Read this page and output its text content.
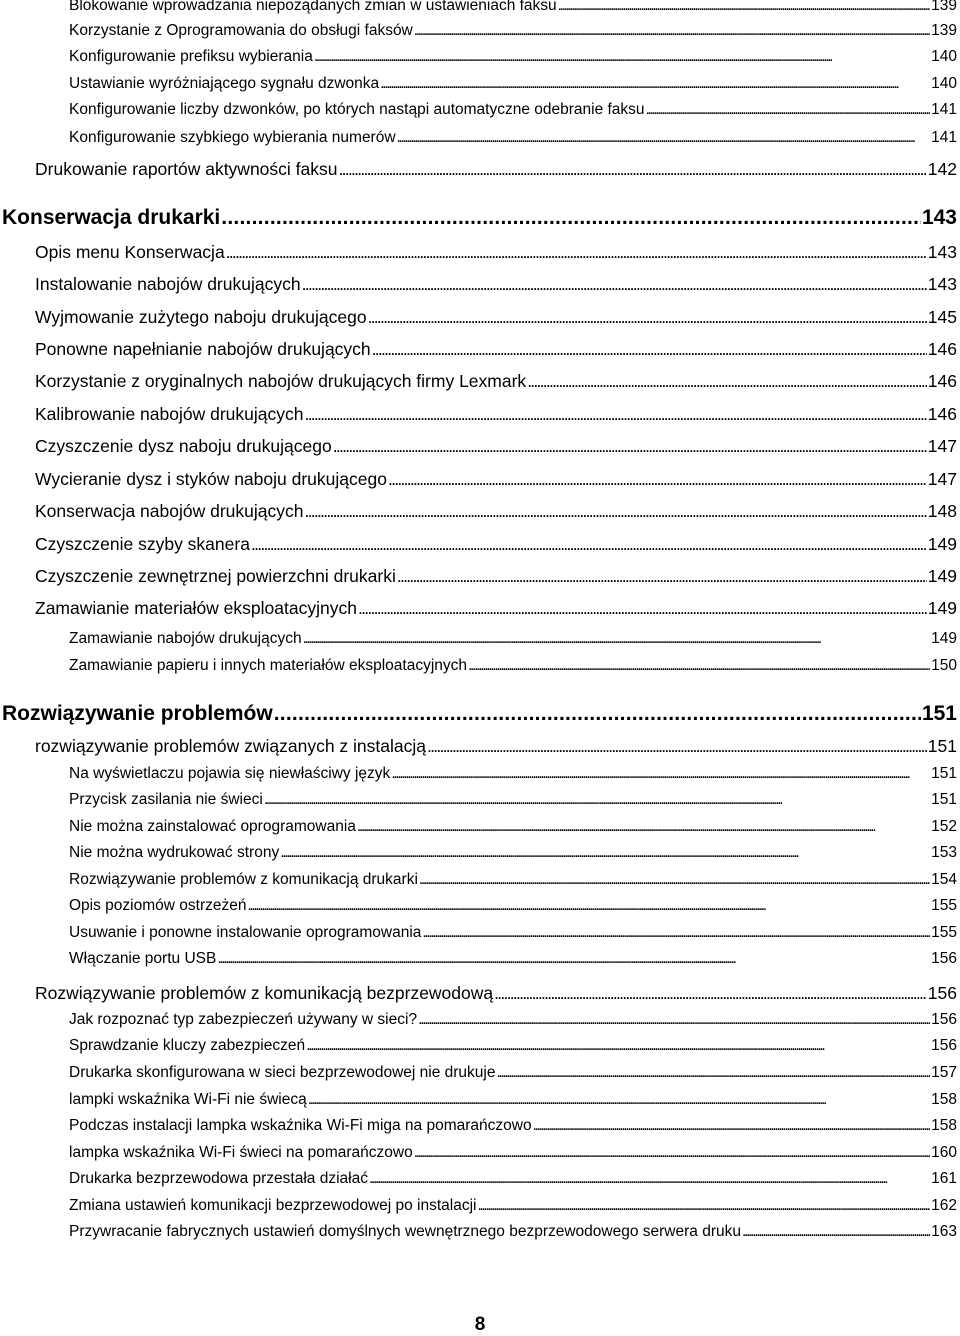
Blokowanie wprowadzania niepożądanych zmian w ustawieniach faksu . . .	139
Korzystanie z Oprogramowania do obsługi faksów . . .	139
Konfigurowanie prefiksu wybierania . . .	140
Ustawianie wyróżniającego sygnału dzwonka . . .	140
Konfigurowanie liczby dzwonków, po których nastąpi automatyczne odebranie faksu . . .	141
Konfigurowanie szybkiego wybierania numerów . . .	141
Drukowanie raportów aktywności faksu . . .	142
Konserwacja drukarki . . .	143
Opis menu Konserwacja . . .	143
Instalowanie nabojów drukujących . . .	143
Wyjmowanie zużytego naboju drukującego . . .	145
Ponowne napełnianie nabojów drukujących . . .	146
Korzystanie z oryginalnych nabojów drukujących firmy Lexmark . . .	146
Kalibrowanie nabojów drukujących . . .	146
Czyszczenie dysz naboju drukującego . . .	147
Wycieranie dysz i styków naboju drukującego . . .	147
Konserwacja nabojów drukujących . . .	148
Czyszczenie szyby skanera . . .	149
Czyszczenie zewnętrznej powierzchni drukarki . . .	149
Zamawianie materiałów eksploatacyjnych . . .	149
Zamawianie nabojów drukujących . . .	149
Zamawianie papieru i innych materiałów eksploatacyjnych . . .	150
Rozwiązywanie problemów . . .	151
rozwiązywanie problemów związanych z instalacją . . .	151
Na wyświetlaczu pojawia się niewłaściwy język . . .	151
Przycisk zasilania nie świeci . . .	151
Nie można zainstalować oprogramowania . . .	152
Nie można wydrukować strony . . .	153
Rozwiązywanie problemów z komunikacją drukarki . . .	154
Opis poziomów ostrzeżeń . . .	155
Usuwanie i ponowne instalowanie oprogramowania . . .	155
Włączanie portu USB . . .	156
Rozwiązywanie problemów z komunikacją bezprzewodową . . .	156
Jak rozpoznać typ zabezpieczeń używany w sieci? . . .	156
Sprawdzanie kluczy zabezpieczeń . . .	156
Drukarka skonfigurowana w sieci bezprzewodowej nie drukuje . . .	157
lampki wskaźnika Wi-Fi nie świecą . . .	158
Podczas instalacji lampka wskaźnika Wi-Fi miga na pomarańczowo . . .	158
lampka wskaźnika Wi-Fi świeci na pomarańczowo . . .	160
Drukarka bezprzewodowa przestała działać . . .	161
Zmiana ustawień komunikacji bezprzewodowej po instalacji . . .	162
Przywracanie fabrycznych ustawień domyślnych wewnętrznego bezprzewodowego serwera druku . . .	163
8
